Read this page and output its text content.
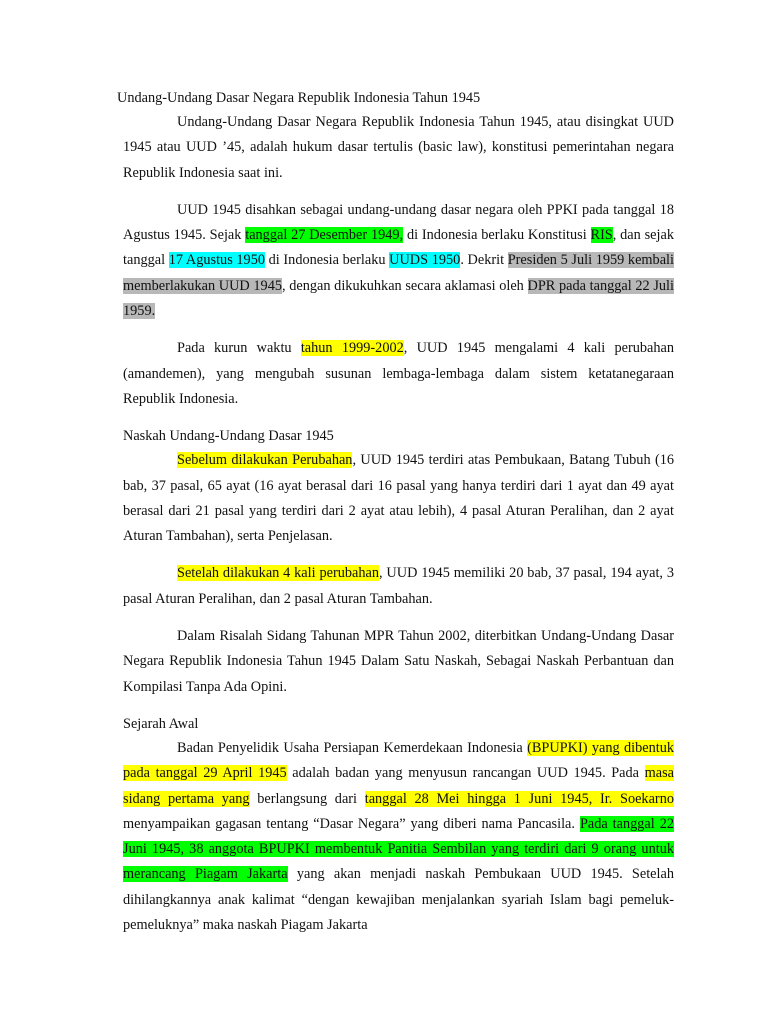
Undang-Undang Dasar Negara Republik Indonesia Tahun 1945

Undang-Undang Dasar Negara Republik Indonesia Tahun 1945, atau disingkat UUD 1945 atau UUD ’45, adalah hukum dasar tertulis (basic law), konstitusi pemerintahan negara Republik Indonesia saat ini.

UUD 1945 disahkan sebagai undang-undang dasar negara oleh PPKI pada tanggal 18 Agustus 1945. Sejak tanggal 27 Desember 1949, di Indonesia berlaku Konstitusi RIS, dan sejak tanggal 17 Agustus 1950 di Indonesia berlaku UUDS 1950. Dekrit Presiden 5 Juli 1959 kembali memberlakukan UUD 1945, dengan dikukuhkan secara aklamasi oleh DPR pada tanggal 22 Juli 1959.

Pada kurun waktu tahun 1999-2002, UUD 1945 mengalami 4 kali perubahan (amandemen), yang mengubah susunan lembaga-lembaga dalam sistem ketatanegaraan Republik Indonesia.

Naskah Undang-Undang Dasar 1945

Sebelum dilakukan Perubahan, UUD 1945 terdiri atas Pembukaan, Batang Tubuh (16 bab, 37 pasal, 65 ayat (16 ayat berasal dari 16 pasal yang hanya terdiri dari 1 ayat dan 49 ayat berasal dari 21 pasal yang terdiri dari 2 ayat atau lebih), 4 pasal Aturan Peralihan, dan 2 ayat Aturan Tambahan), serta Penjelasan.

Setelah dilakukan 4 kali perubahan, UUD 1945 memiliki 20 bab, 37 pasal, 194 ayat, 3 pasal Aturan Peralihan, dan 2 pasal Aturan Tambahan.

Dalam Risalah Sidang Tahunan MPR Tahun 2002, diterbitkan Undang-Undang Dasar Negara Republik Indonesia Tahun 1945 Dalam Satu Naskah, Sebagai Naskah Perbantuan dan Kompilasi Tanpa Ada Opini.

Sejarah Awal

Badan Penyelidik Usaha Persiapan Kemerdekaan Indonesia (BPUPKI) yang dibentuk pada tanggal 29 April 1945 adalah badan yang menyusun rancangan UUD 1945. Pada masa sidang pertama yang berlangsung dari tanggal 28 Mei hingga 1 Juni 1945, Ir. Soekarno menyampaikan gagasan tentang “Dasar Negara” yang diberi nama Pancasila. Pada tanggal 22 Juni 1945, 38 anggota BPUPKI membentuk Panitia Sembilan yang terdiri dari 9 orang untuk merancang Piagam Jakarta yang akan menjadi naskah Pembukaan UUD 1945. Setelah dihilangkannya anak kalimat “dengan kewajiban menjalankan syariah Islam bagi pemeluk-pemeluknya” maka naskah Piagam Jakarta
